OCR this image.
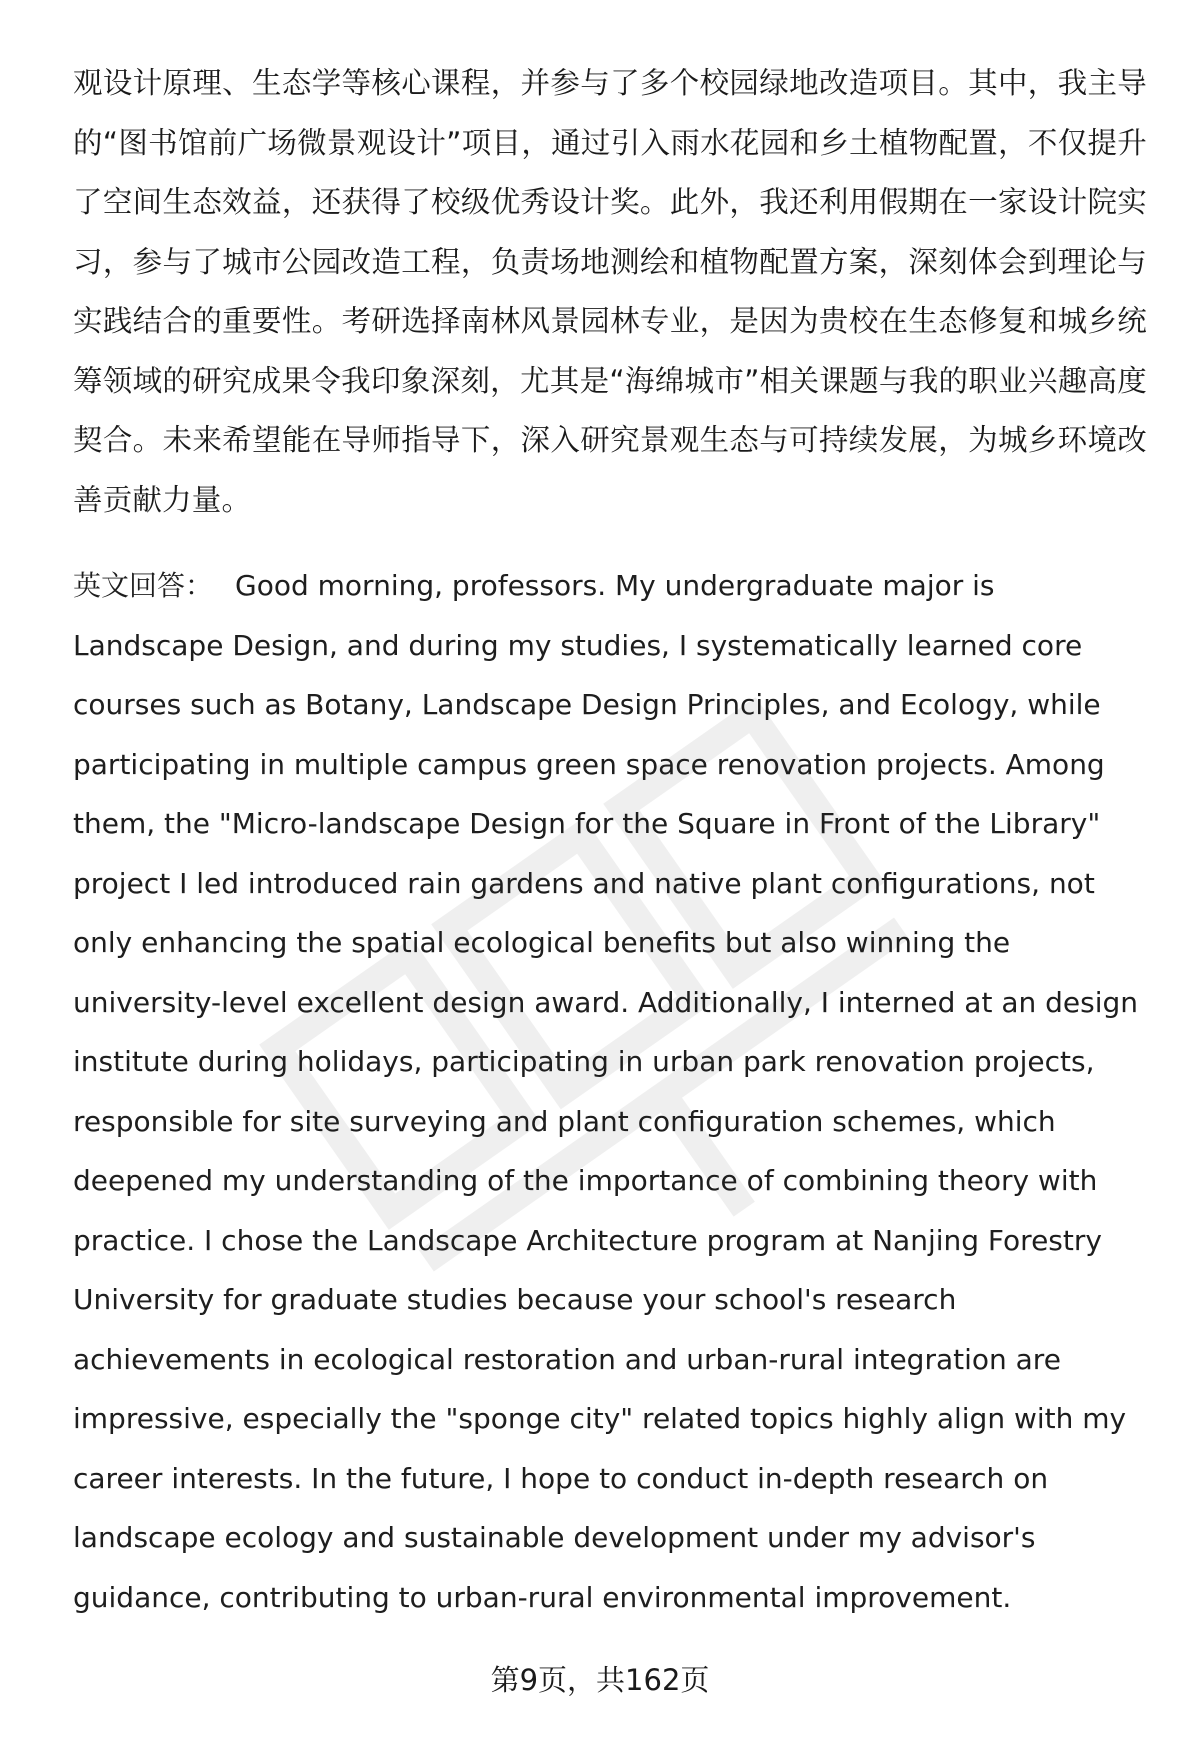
观设计原理、生态学等核心课程，并参与了多个校园绿地改造项目。其中，我主导的“图书馆前广场微景观设计”项目，通过引入雨水花园和乡土植物配置，不仅提升了空间生态效益，还获得了校级优秀设计奖。此外，我还利用假期在一家设计院实习，参与了城市公园改造工程，负责场地测绘和植物配置方案，深刻体会到理论与实践结合的重要性。考研选择南林风景园林专业，是因为贵校在生态修复和城乡统筹领域的研究成果令我印象深刻，尤其是“海绵城市”相关课题与我的职业兴趣高度契合。未来希望能在导师指导下，深入研究景观生态与可持续发展，为城乡环境改善贡献力量。
英文回答： Good morning, professors. My undergraduate major is Landscape Design, and during my studies, I systematically learned core courses such as Botany, Landscape Design Principles, and Ecology, while participating in multiple campus green space renovation projects. Among them, the "Micro-landscape Design for the Square in Front of the Library" project I led introduced rain gardens and native plant configurations, not only enhancing the spatial ecological benefits but also winning the university-level excellent design award. Additionally, I interned at an design institute during holidays, participating in urban park renovation projects, responsible for site surveying and plant configuration schemes, which deepened my understanding of the importance of combining theory with practice. I chose the Landscape Architecture program at Nanjing Forestry University for graduate studies because your school's research achievements in ecological restoration and urban-rural integration are impressive, especially the "sponge city" related topics highly align with my career interests. In the future, I hope to conduct in-depth research on landscape ecology and sustainable development under my advisor's guidance, contributing to urban-rural environmental improvement.
第9页，共162页
